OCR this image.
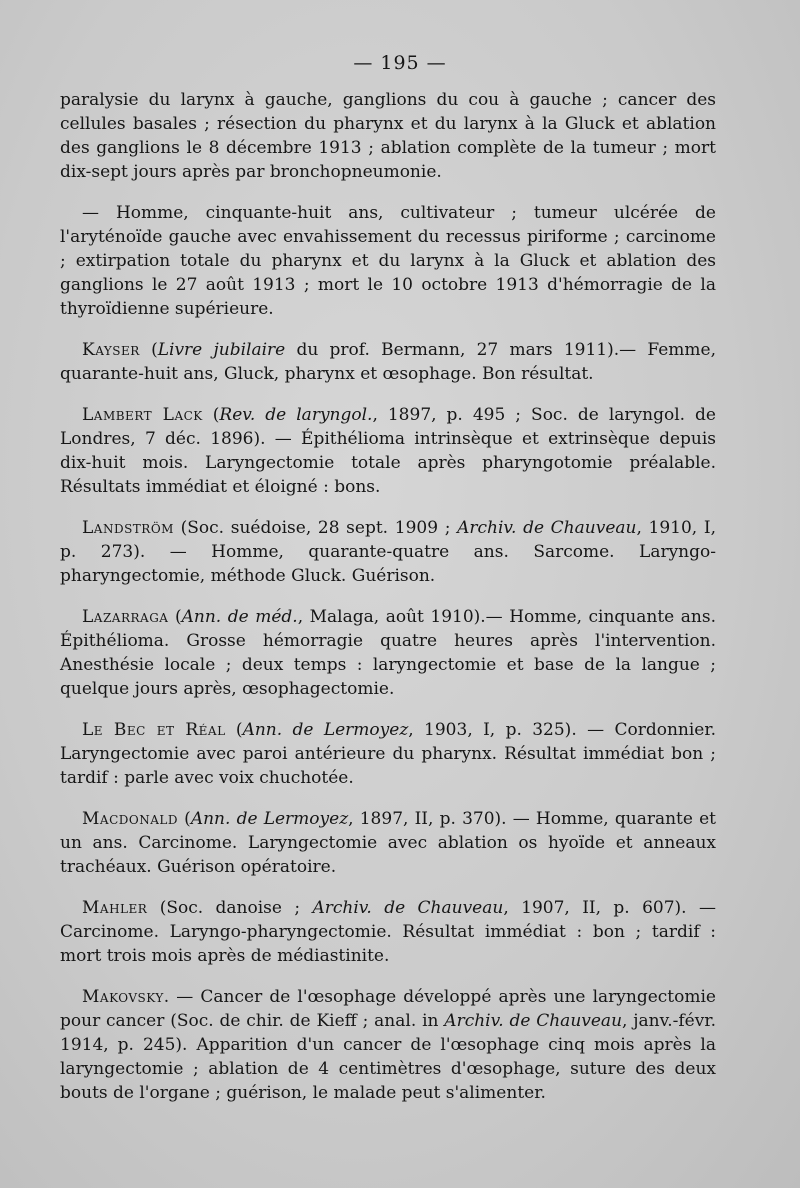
— 195 —

paralysie du larynx à gauche, ganglions du cou à gauche ; cancer des cellules basales ; résection du pharynx et du larynx à la Gluck et ablation des ganglions le 8 décembre 1913 ; ablation complète de la tumeur ; mort dix-sept jours après par bronchopneumonie.

— Homme, cinquante-huit ans, cultivateur ; tumeur ulcérée de l'aryténoïde gauche avec envahissement du recessus piriforme ; carcinome ; extirpation totale du pharynx et du larynx à la Gluck et ablation des ganglions le 27 août 1913 ; mort le 10 octobre 1913 d'hémorragie de la thyroïdienne supérieure.

Kayser (Livre jubilaire du prof. Bermann, 27 mars 1911).— Femme, quarante-huit ans, Gluck, pharynx et œsophage. Bon résultat.

Lambert Lack (Rev. de laryngol., 1897, p. 495 ; Soc. de laryngol. de Londres, 7 déc. 1896). — Épithélioma intrinsèque et extrinsèque depuis dix-huit mois. Laryngectomie totale après pharyngotomie préalable. Résultats immédiat et éloigné : bons.

Landström (Soc. suédoise, 28 sept. 1909 ; Archiv. de Chauveau, 1910, I, p. 273). — Homme, quarante-quatre ans. Sarcome. Laryngo-pharyngectomie, méthode Gluck. Guérison.

Lazarraga (Ann. de méd., Malaga, août 1910).— Homme, cinquante ans. Épithélioma. Grosse hémorragie quatre heures après l'intervention. Anesthésie locale ; deux temps : laryngectomie et base de la langue ; quelque jours après, œsophagectomie.

Le Bec et Réal (Ann. de Lermoyez, 1903, I, p. 325). — Cordonnier. Laryngectomie avec paroi antérieure du pharynx. Résultat immédiat bon ; tardif : parle avec voix chuchotée.

Macdonald (Ann. de Lermoyez, 1897, II, p. 370). — Homme, quarante et un ans. Carcinome. Laryngectomie avec ablation os hyoïde et anneaux trachéaux. Guérison opératoire.

Mahler (Soc. danoise ; Archiv. de Chauveau, 1907, II, p. 607). — Carcinome. Laryngo-pharyngectomie. Résultat immédiat : bon ; tardif : mort trois mois après de médiastinite.

Makovsky. — Cancer de l'œsophage développé après une laryngectomie pour cancer (Soc. de chir. de Kieff ; anal. in Archiv. de Chauveau, janv.-févr. 1914, p. 245). Apparition d'un cancer de l'œsophage cinq mois après la laryngectomie ; ablation de 4 centimètres d'œsophage, suture des deux bouts de l'organe ; guérison, le malade peut s'alimenter.
